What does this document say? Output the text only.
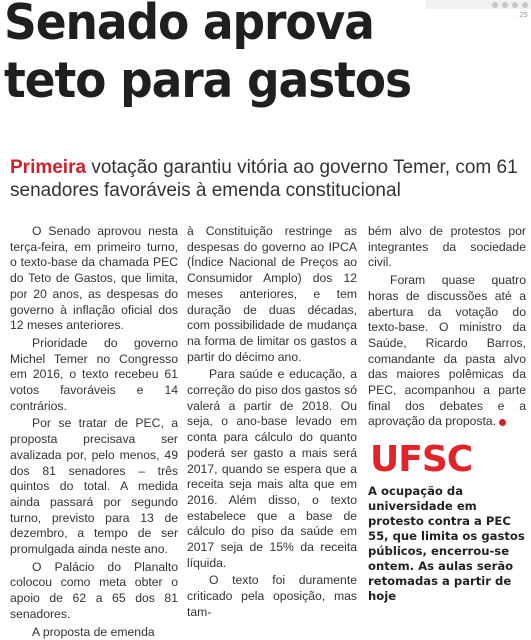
25
Senado aprova
teto para gastos
Primeira votação garantiu vitória ao governo Temer, com 61 senadores favoráveis à emenda constitucional

O Senado aprovou nesta terça-feira, em primeiro turno, o texto-base da chamada PEC do Teto de Gastos, que limita, por 20 anos, as despesas do governo à inflação oficial dos 12 meses anteriores.

Prioridade do governo Michel Temer no Congresso em 2016, o texto recebeu 61 votos favoráveis e 14 contrários.

Por se tratar de PEC, a proposta precisava ser avalizada por, pelo menos, 49 dos 81 senadores – três quintos do total. A medida ainda passará por segundo turno, previsto para 13 de dezembro, a tempo de ser promulgada ainda neste ano.

O Palácio do Planalto colocou como meta obter o apoio de 62 a 65 dos 81 senadores.

A proposta de emenda

à Constituição restringe as despesas do governo ao IPCA (Índice Nacional de Preços ao Consumidor Amplo) dos 12 meses anteriores, e tem duração de duas décadas, com possibilidade de mudança na forma de limitar os gastos a partir do décimo ano.

Para saúde e educação, a correção do piso dos gastos só valerá a partir de 2018. Ou seja, o ano-base levado em conta para cálculo do quanto poderá ser gasto a mais será 2017, quando se espera que a receita seja mais alta que em 2016. Além disso, o texto estabelece que a base de cálculo do piso da saúde em 2017 seja de 15% da receita líquida.

O texto foi duramente criticado pela oposição, mas tam-

bém alvo de protestos por integrantes da sociedade civil.

Foram quase quatro horas de discussões até a abertura da votação do texto-base. O ministro da Saúde, Ricardo Barros, comandante da pasta alvo das maiores polêmicas da PEC, acompanhou a parte final dos debates e a aprovação da proposta.

UFSC

A ocupação da universidade em protesto contra a PEC 55, que limita os gastos públicos, encerrou-se ontem. As aulas serão retomadas a partir de hoje
